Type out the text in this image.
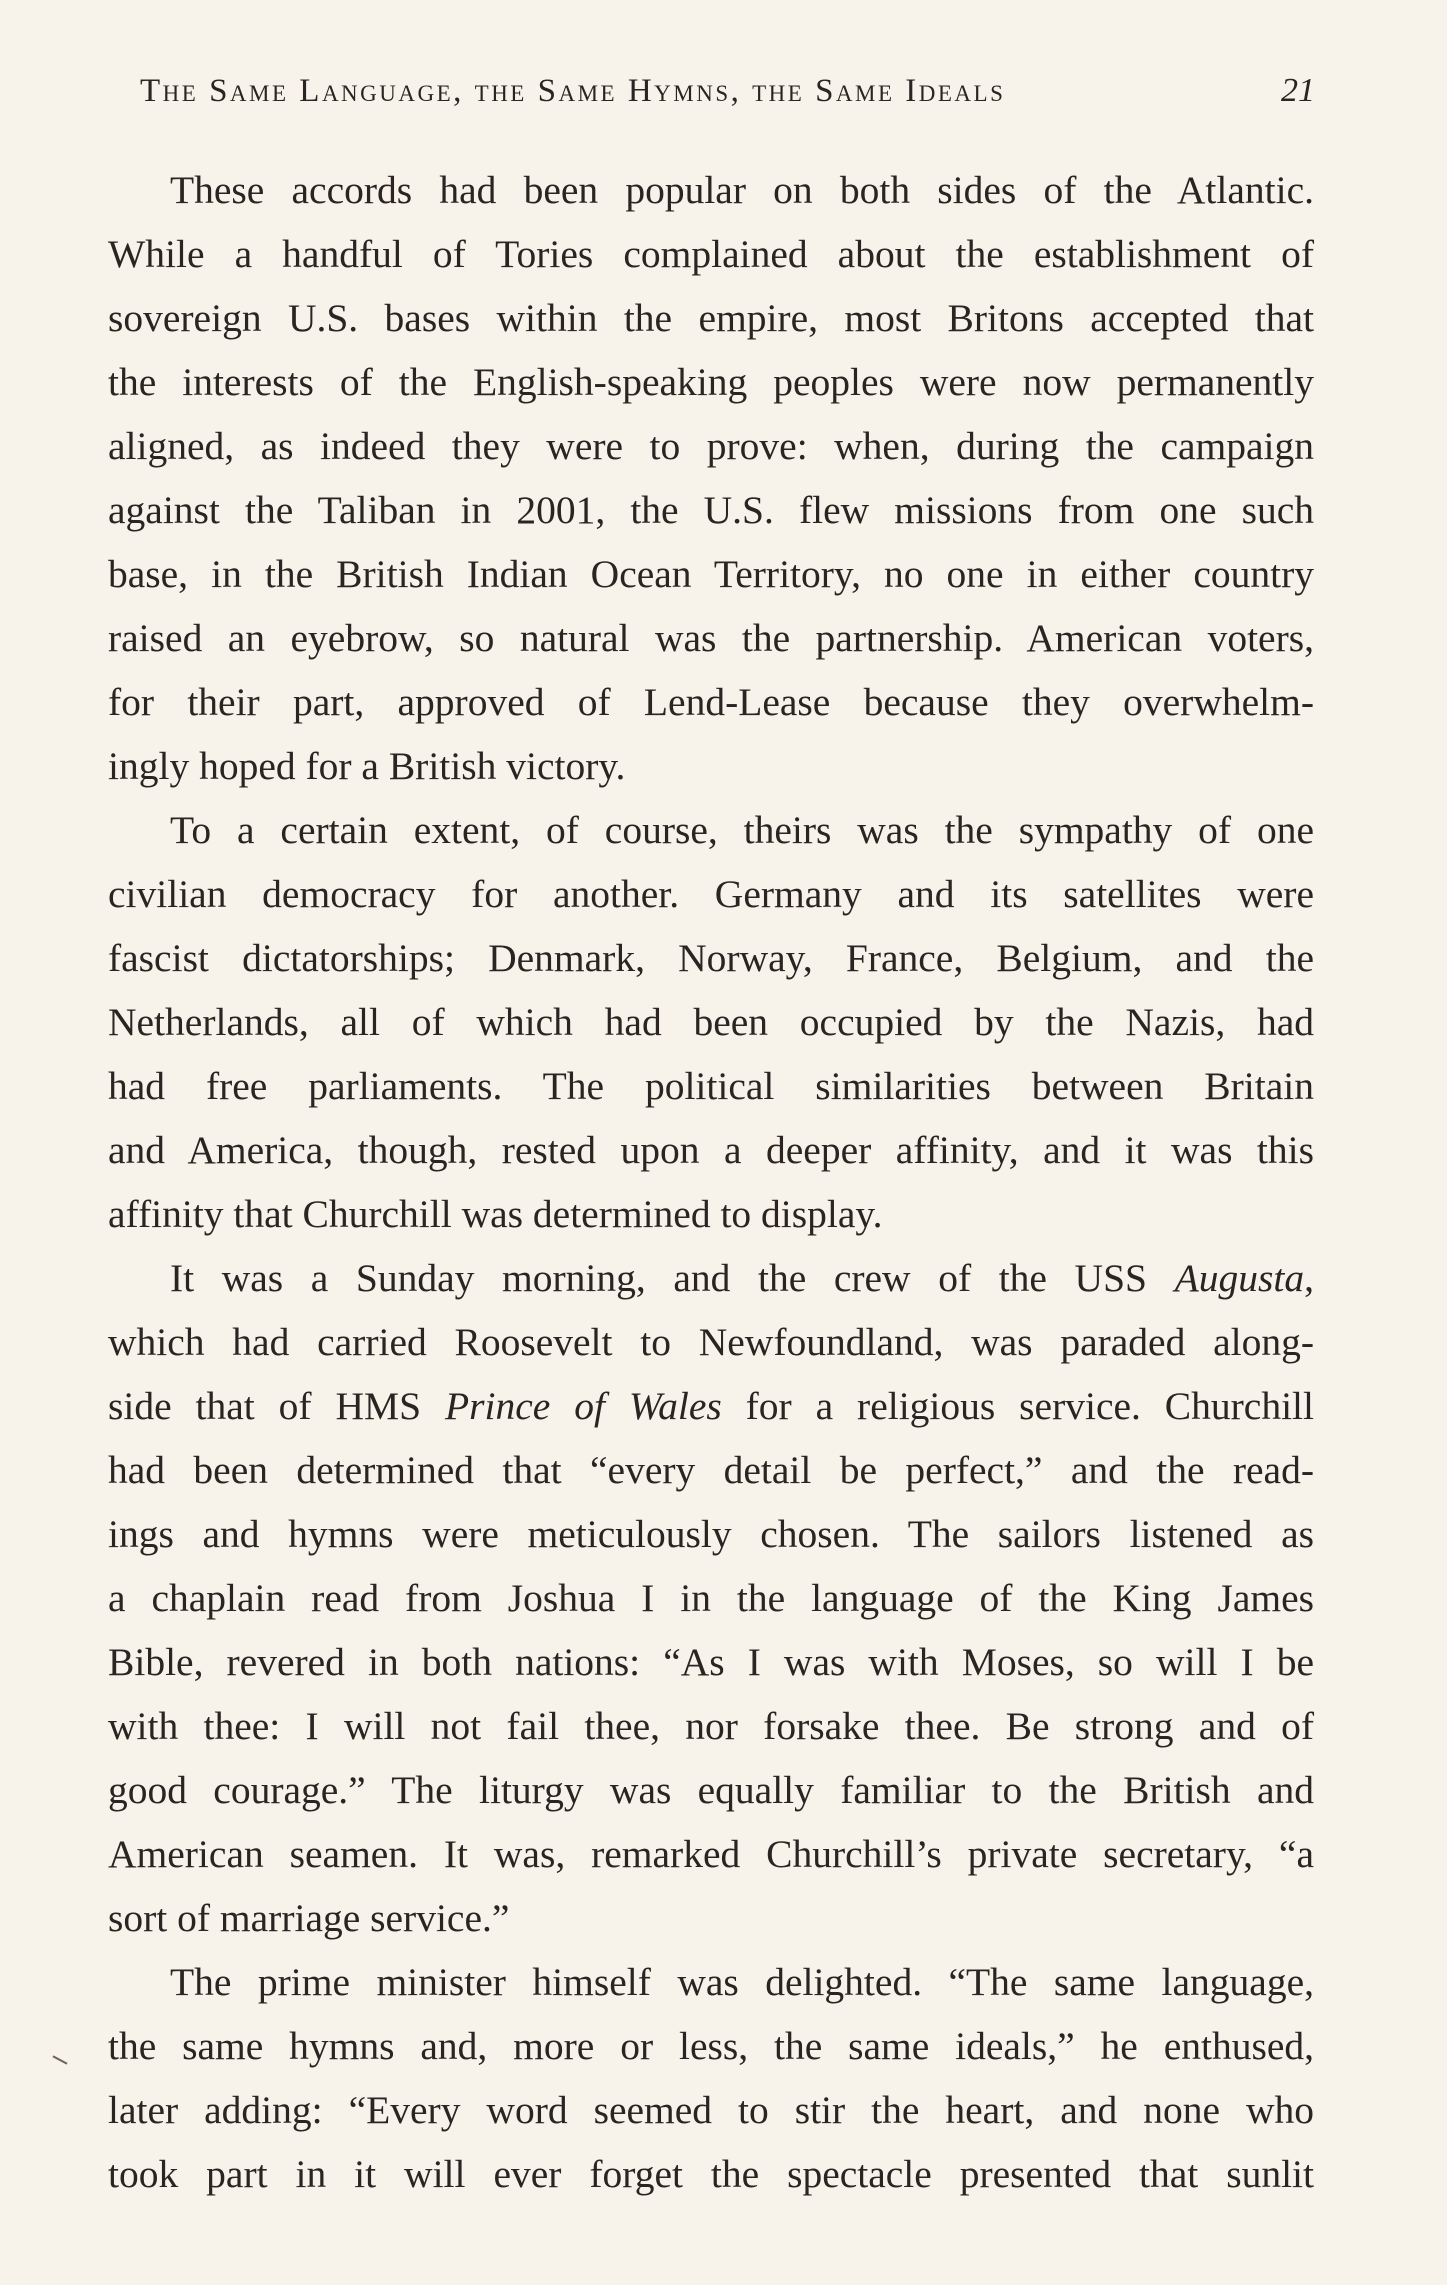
The Same Language, the Same Hymns, the Same Ideals	21

These accords had been popular on both sides of the Atlantic.
While a handful of Tories complained about the establishment of
sovereign U.S. bases within the empire, most Britons accepted that
the interests of the English-speaking peoples were now permanently
aligned, as indeed they were to prove: when, during the campaign
against the Taliban in 2001, the U.S. flew missions from one such
base, in the British Indian Ocean Territory, no one in either country
raised an eyebrow, so natural was the partnership. American voters,
for their part, approved of Lend-Lease because they overwhelm-
ingly hoped for a British victory.

To a certain extent, of course, theirs was the sympathy of one
civilian democracy for another. Germany and its satellites were
fascist dictatorships; Denmark, Norway, France, Belgium, and the
Netherlands, all of which had been occupied by the Nazis, had
had free parliaments. The political similarities between Britain
and America, though, rested upon a deeper affinity, and it was this
affinity that Churchill was determined to display.

It was a Sunday morning, and the crew of the USS Augusta,
which had carried Roosevelt to Newfoundland, was paraded along-
side that of HMS Prince of Wales for a religious service. Churchill
had been determined that “every detail be perfect,” and the read-
ings and hymns were meticulously chosen. The sailors listened as
a chaplain read from Joshua I in the language of the King James
Bible, revered in both nations: “As I was with Moses, so will I be
with thee: I will not fail thee, nor forsake thee. Be strong and of
good courage.” The liturgy was equally familiar to the British and
American seamen. It was, remarked Churchill’s private secretary, “a
sort of marriage service.”

The prime minister himself was delighted. “The same language,
the same hymns and, more or less, the same ideals,” he enthused,
later adding: “Every word seemed to stir the heart, and none who
took part in it will ever forget the spectacle presented that sunlit
